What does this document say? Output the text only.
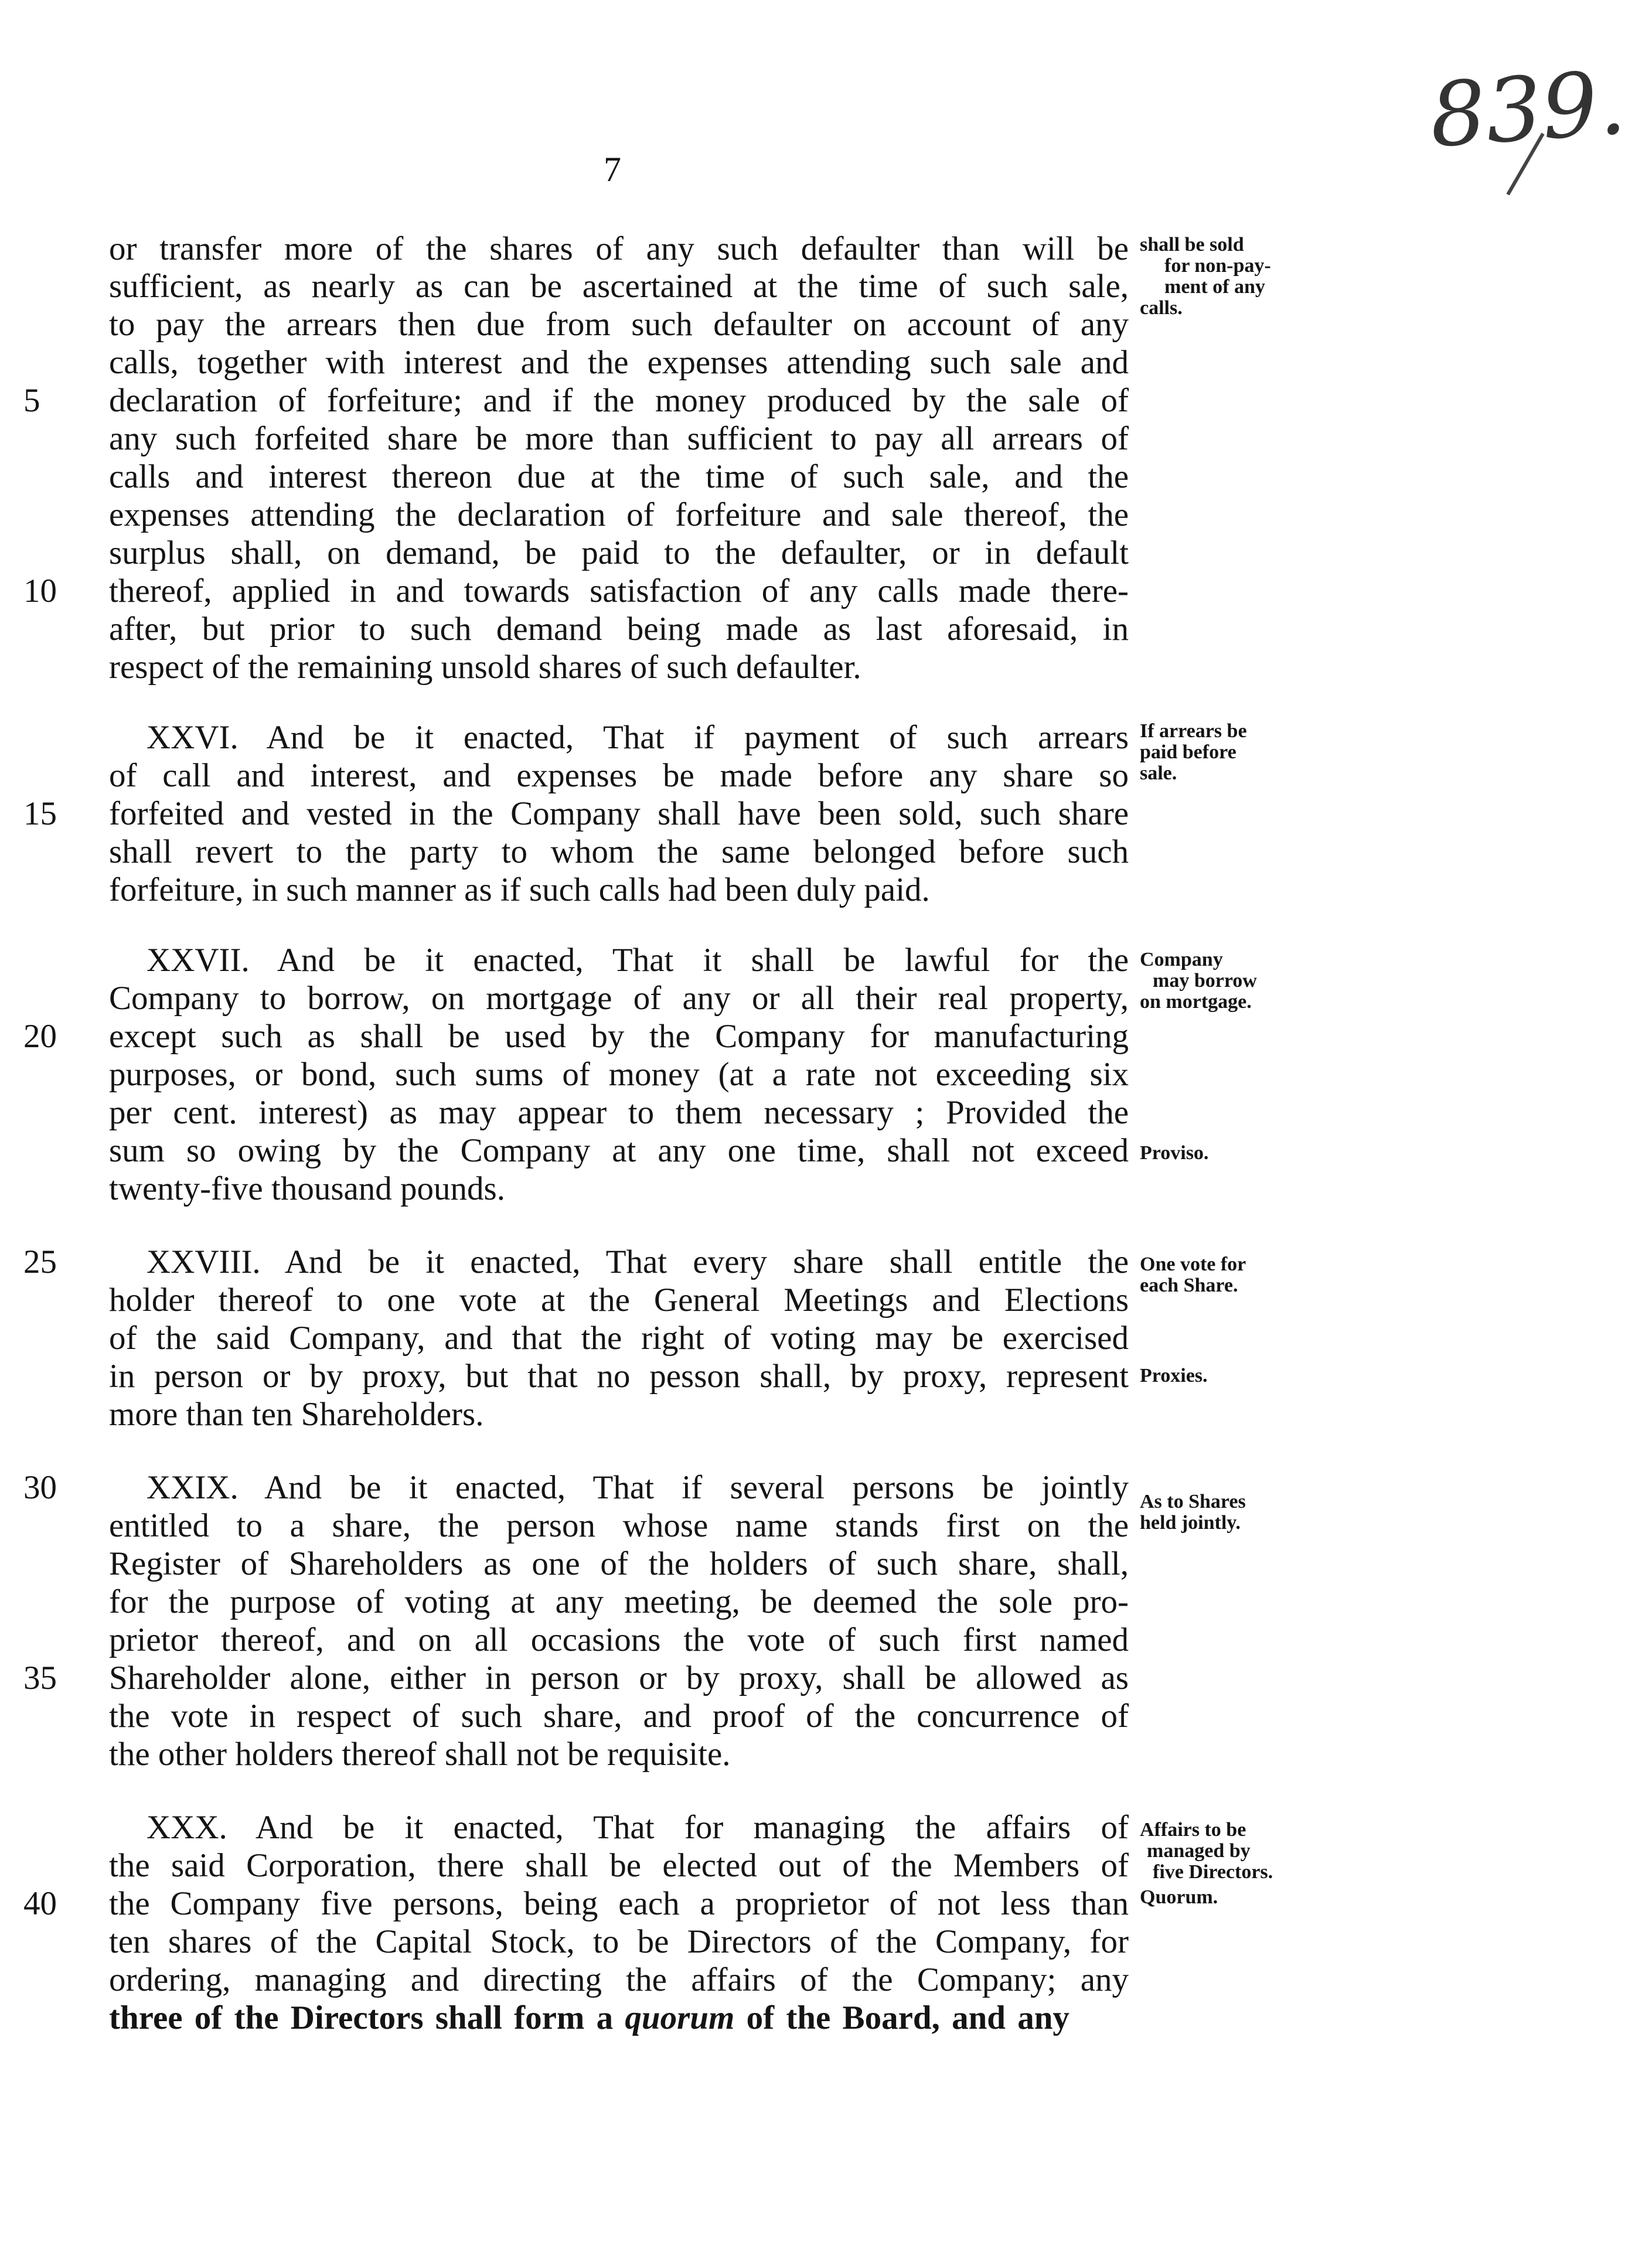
839.
7
or transfer more of the shares of any such defaulter than will be
sufficient, as nearly as can be ascertained at the time of such sale,
to pay the arrears then due from such defaulter on account of any
calls, together with interest and the expenses attending such sale and
declaration of forfeiture; and if the money produced by the sale of
any such forfeited share be more than sufficient to pay all arrears of
calls and interest thereon due at the time of such sale, and the
expenses attending the declaration of forfeiture and sale thereof, the
surplus shall, on demand, be paid to the defaulter, or in default
thereof, applied in and towards satisfaction of any calls made there-
after, but prior to such demand being made as last aforesaid, in
respect of the remaining unsold shares of such defaulter.
XXVI. And be it enacted, That if payment of such arrears
of call and interest, and expenses be made before any share so
forfeited and vested in the Company shall have been sold, such share
shall revert to the party to whom the same belonged before such
forfeiture, in such manner as if such calls had been duly paid.
XXVII. And be it enacted, That it shall be lawful for the
Company to borrow, on mortgage of any or all their real property,
except such as shall be used by the Company for manufacturing
purposes, or bond, such sums of money (at a rate not exceeding six
per cent. interest) as may appear to them necessary ; Provided the
sum so owing by the Company at any one time, shall not exceed
twenty-five thousand pounds.
XXVIII. And be it enacted, That every share shall entitle the
holder thereof to one vote at the General Meetings and Elections
of the said Company, and that the right of voting may be exercised
in person or by proxy, but that no pesson shall, by proxy, represent
more than ten Shareholders.
XXIX. And be it enacted, That if several persons be jointly
entitled to a share, the person whose name stands first on the
Register of Shareholders as one of the holders of such share, shall,
for the purpose of voting at any meeting, be deemed the sole pro-
prietor thereof, and on all occasions the vote of such first named
Shareholder alone, either in person or by proxy, shall be allowed as
the vote in respect of such share, and proof of the concurrence of
the other holders thereof shall not be requisite.
XXX. And be it enacted, That for managing the affairs of
the said Corporation, there shall be elected out of the Members of
the Company five persons, being each a proprietor of not less than
ten shares of the Capital Stock, to be Directors of the Company, for
ordering, managing and directing the affairs of the Company; any
three of the Directors shall form a quorum of the Board, and any
5
10
15
20
25
30
35
40
shall be sold
for non-pay-
ment of any
calls.
If arrears be
paid before
sale.
Company
may borrow
on mortgage.
Proviso.
One vote for
each Share.
Proxies.
As to Shares
held jointly.
Affairs to be
managed by
five Directors.
Quorum.
